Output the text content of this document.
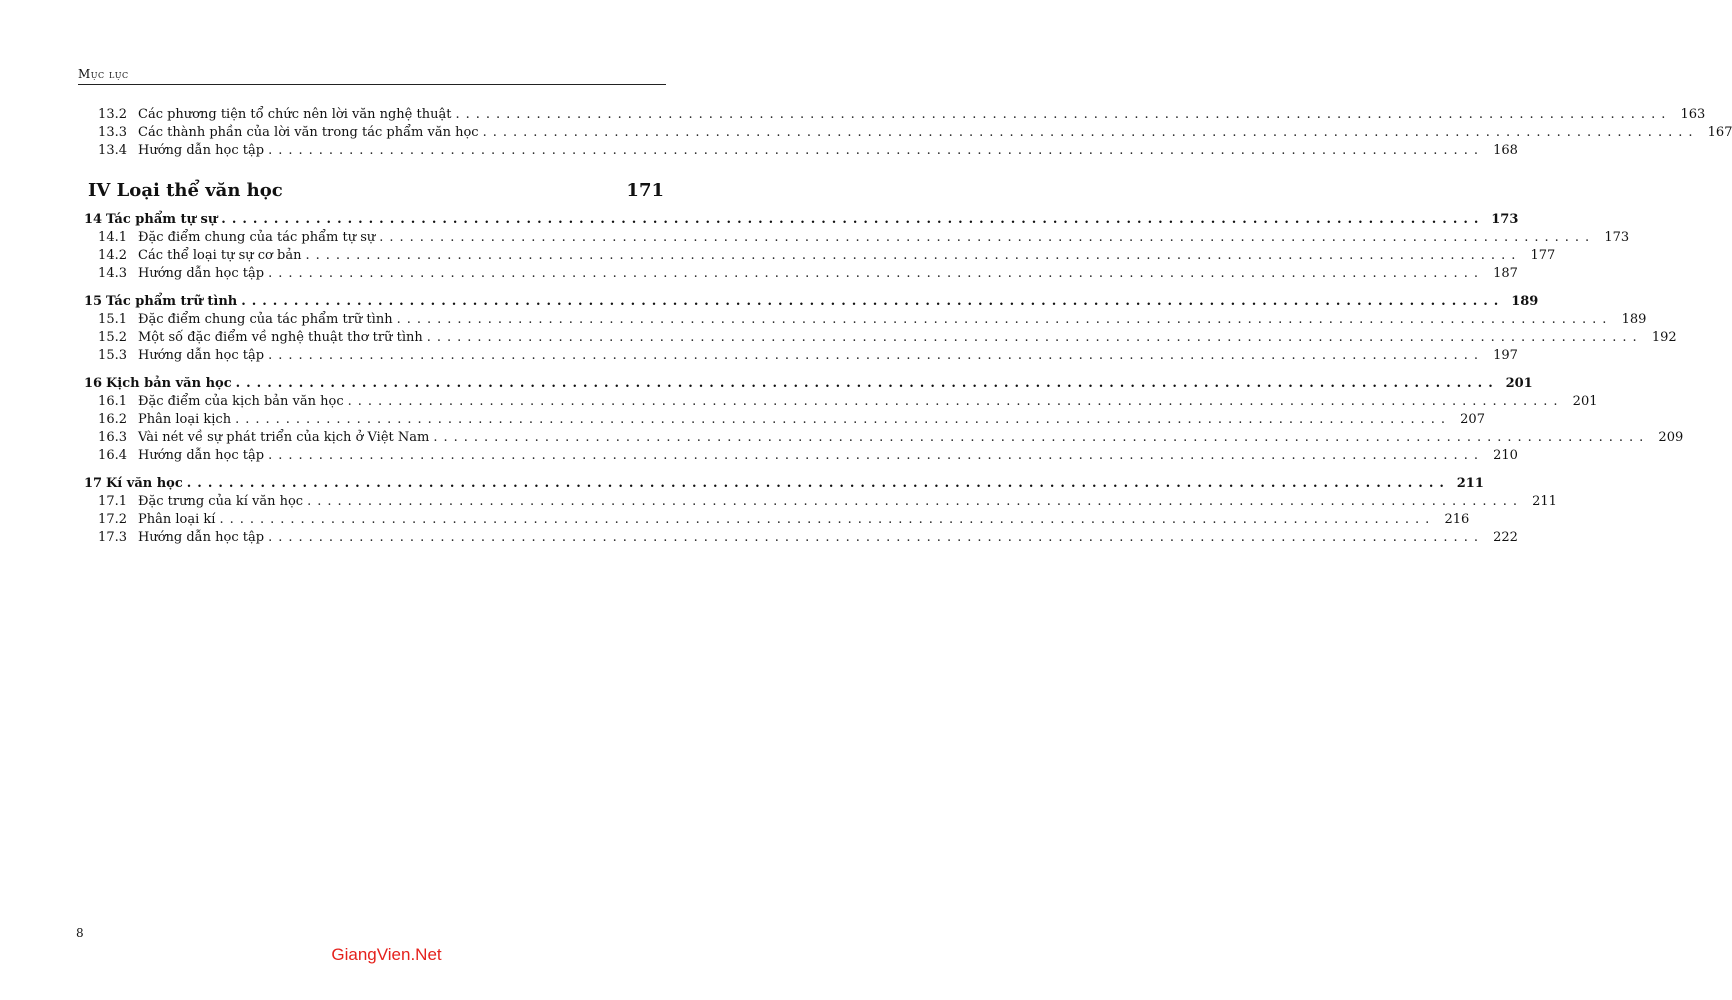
Mục lục
13.2 Các phương tiện tổ chức nên lời văn nghệ thuật ........................................................................................................................ 163
13.3 Các thành phần của lời văn trong tác phẩm văn học ........................................................................................................................ 167
13.4 Hướng dẫn học tập ........................................................................................................................ 168
IV Loại thể văn học	171
14 Tác phẩm tự sự ........................................................................................................................ 173
14.1 Đặc điểm chung của tác phẩm tự sự ........................................................................................................................ 173
14.2 Các thể loại tự sự cơ bản ........................................................................................................................ 177
14.3 Hướng dẫn học tập ........................................................................................................................ 187
15 Tác phẩm trữ tình ........................................................................................................................ 189
15.1 Đặc điểm chung của tác phẩm trữ tình ........................................................................................................................ 189
15.2 Một số đặc điểm về nghệ thuật thơ trữ tình ........................................................................................................................ 192
15.3 Hướng dẫn học tập ........................................................................................................................ 197
16 Kịch bản văn học ........................................................................................................................ 201
16.1 Đặc điểm của kịch bản văn học ........................................................................................................................ 201
16.2 Phân loại kịch ........................................................................................................................ 207
16.3 Vài nét về sự phát triển của kịch ở Việt Nam ........................................................................................................................ 209
16.4 Hướng dẫn học tập ........................................................................................................................ 210
17 Kí văn học ........................................................................................................................ 211
17.1 Đặc trưng của kí văn học ........................................................................................................................ 211
17.2 Phân loại kí ........................................................................................................................ 216
17.3 Hướng dẫn học tập ........................................................................................................................ 222
8
GiangVien.Net
